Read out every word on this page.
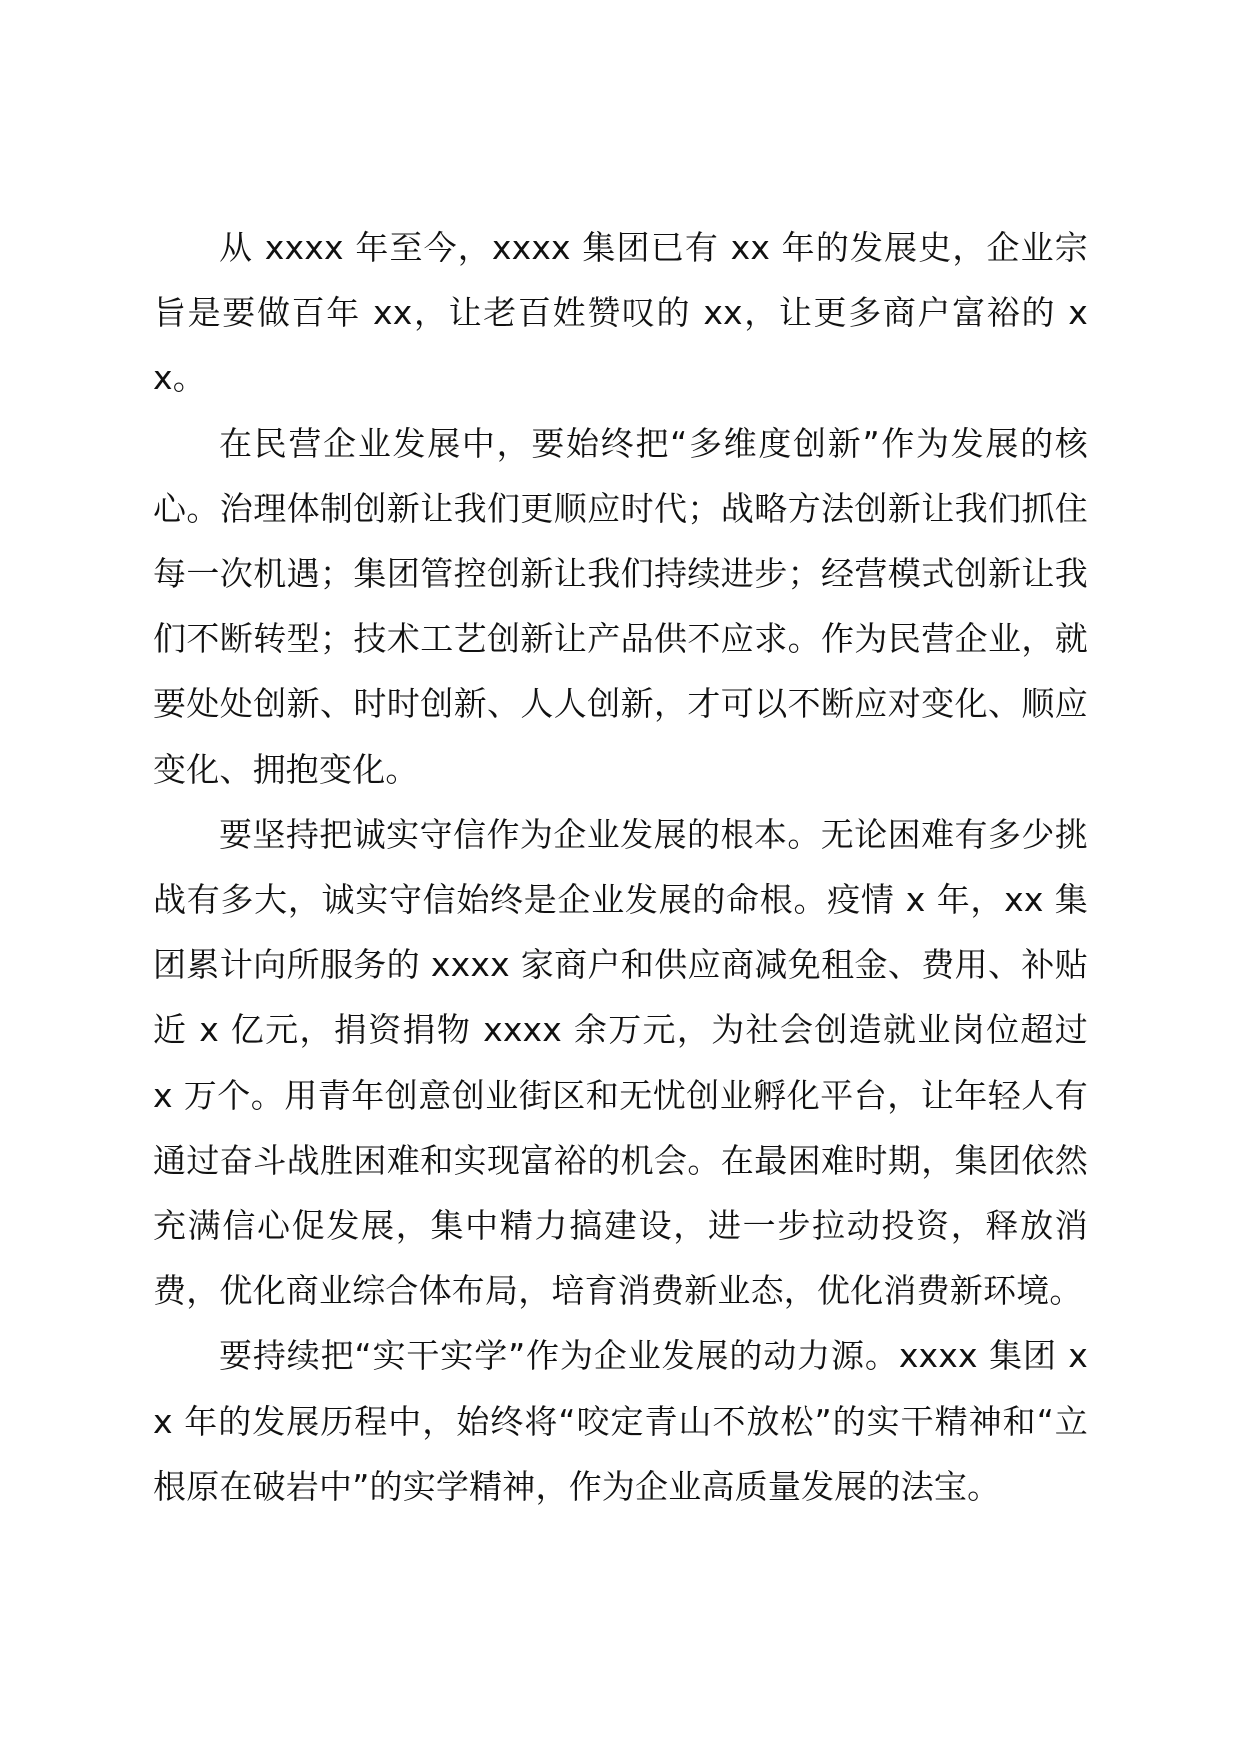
从 xxxx 年至今，xxxx 集团已有 xx 年的发展史，企业宗旨是要做百年 xx，让老百姓赞叹的 xx，让更多商户富裕的 xx。

在民营企业发展中，要始终把“多维度创新”作为发展的核心。治理体制创新让我们更顺应时代；战略方法创新让我们抓住每一次机遇；集团管控创新让我们持续进步；经营模式创新让我们不断转型；技术工艺创新让产品供不应求。作为民营企业，就要处处创新、时时创新、人人创新，才可以不断应对变化、顺应变化、拥抱变化。

要坚持把诚实守信作为企业发展的根本。无论困难有多少挑战有多大，诚实守信始终是企业发展的命根。疫情 x 年，xx 集团累计向所服务的 xxxx 家商户和供应商减免租金、费用、补贴近 x 亿元，捐资捐物 xxxx 余万元，为社会创造就业岗位超过 x 万个。用青年创意创业街区和无忧创业孵化平台，让年轻人有通过奋斗战胜困难和实现富裕的机会。在最困难时期，集团依然充满信心促发展，集中精力搞建设，进一步拉动投资，释放消费，优化商业综合体布局，培育消费新业态，优化消费新环境。

要持续把“实干实学”作为企业发展的动力源。xxxx 集团 xx 年的发展历程中，始终将“咬定青山不放松”的实干精神和“立根原在破岩中”的实学精神，作为企业高质量发展的法宝。
